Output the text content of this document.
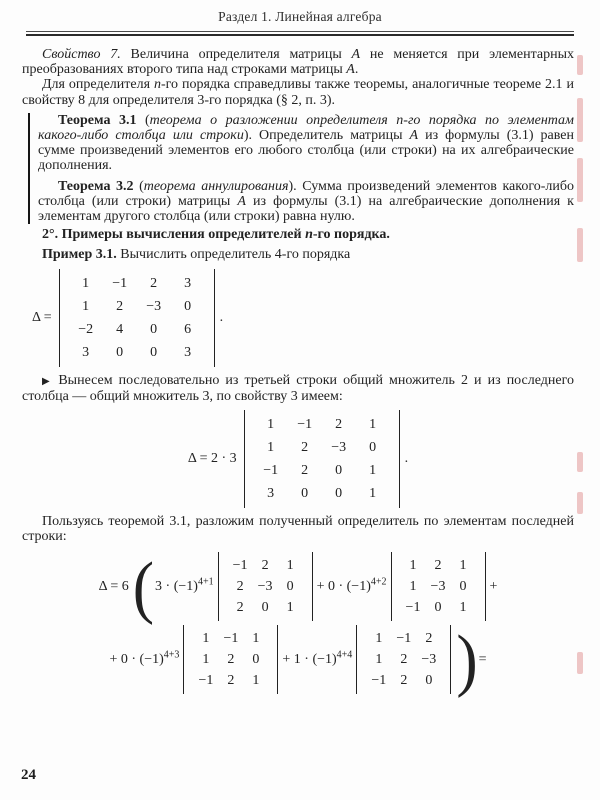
Раздел 1. Линейная алгебра

Свойство 7. Величина определителя матрицы А не меняется при элементарных преобразованиях второго типа над строками матрицы А.

Для определителя n-го порядка справедливы также теоремы, аналогичные теореме 2.1 и свойству 8 для определителя 3-го порядка (§ 2, п. 3).

Теорема 3.1 (теорема о разложении определителя n-го порядка по элементам какого-либо столбца или строки). Определитель матрицы А из формулы (3.1) равен сумме произведений элементов его любого столбца (или строки) на их алгебраические дополнения.

Теорема 3.2 (теорема аннулирования). Сумма произведений элементов какого-либо столбца (или строки) матрицы А из формулы (3.1) на алгебраические дополнения к элементам другого столбца (или строки) равна нулю.

2°. Примеры вычисления определителей n-го порядка.

Пример 3.1. Вычислить определитель 4-го порядка

Δ =
1	−1	2	3
1	2	−3	0
−2	4	0	6
3	0	0	3
.

▶ Вынесем последовательно из третьей строки общий множитель 2 и из последнего столбца — общий множитель 3, по свойству 3 имеем:

Δ = 2 · 3
1	−1	2	1
1	2	−3	0
−1	2	0	1
3	0	0	1
.

Пользуясь теоремой 3.1, разложим полученный определитель по элементам последней строки:

Δ = 6 ( $3 \cdot (-1)^{4+1}$
−1	2	1
2	−3	0
2	0	1
+ $0 \cdot (-1)^{4+2}$
1	2	1
1	−3	0
−1	0	1
+
+ $0 \cdot (-1)^{4+3}$
1	−1	1
1	2	0
−1	2	1
+ $1 \cdot (-1)^{4+4}$
1	−1	2
1	2	−3
−1	2	0 ) =
24
